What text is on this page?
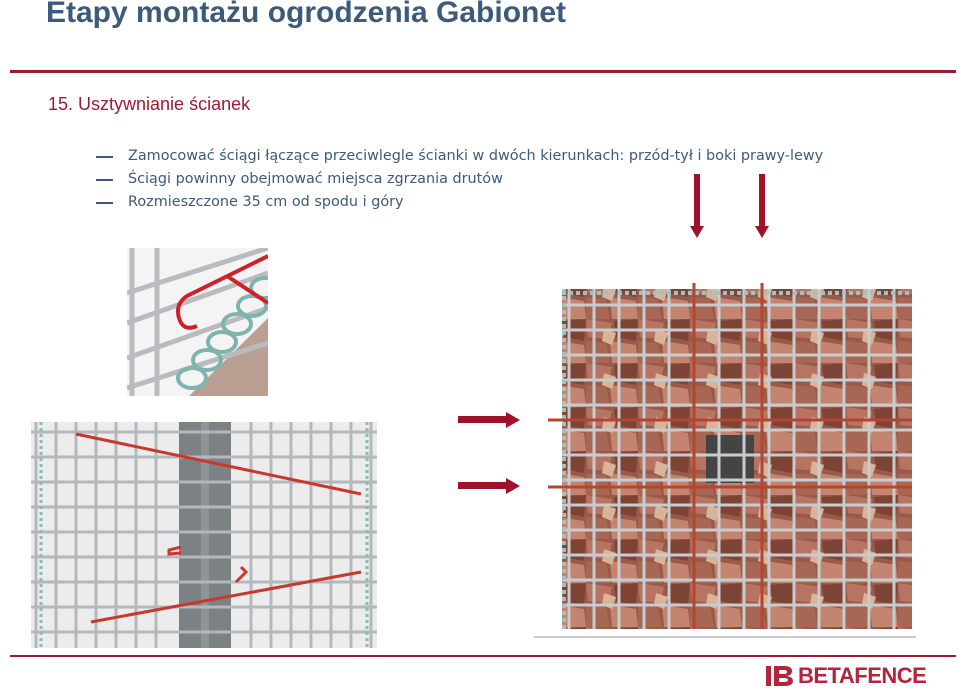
Etapy montażu ogrodzenia Gabionet
15. Usztywnianie ścianek
Zamocować ściągi łączące przeciwlegle ścianki w dwóch kierunkach: przód-tył i boki prawy-lewy
Ściągi powinny obejmować miejsca zgrzania drutów
Rozmieszczone 35 cm od spodu i góry
BETAFENCE
